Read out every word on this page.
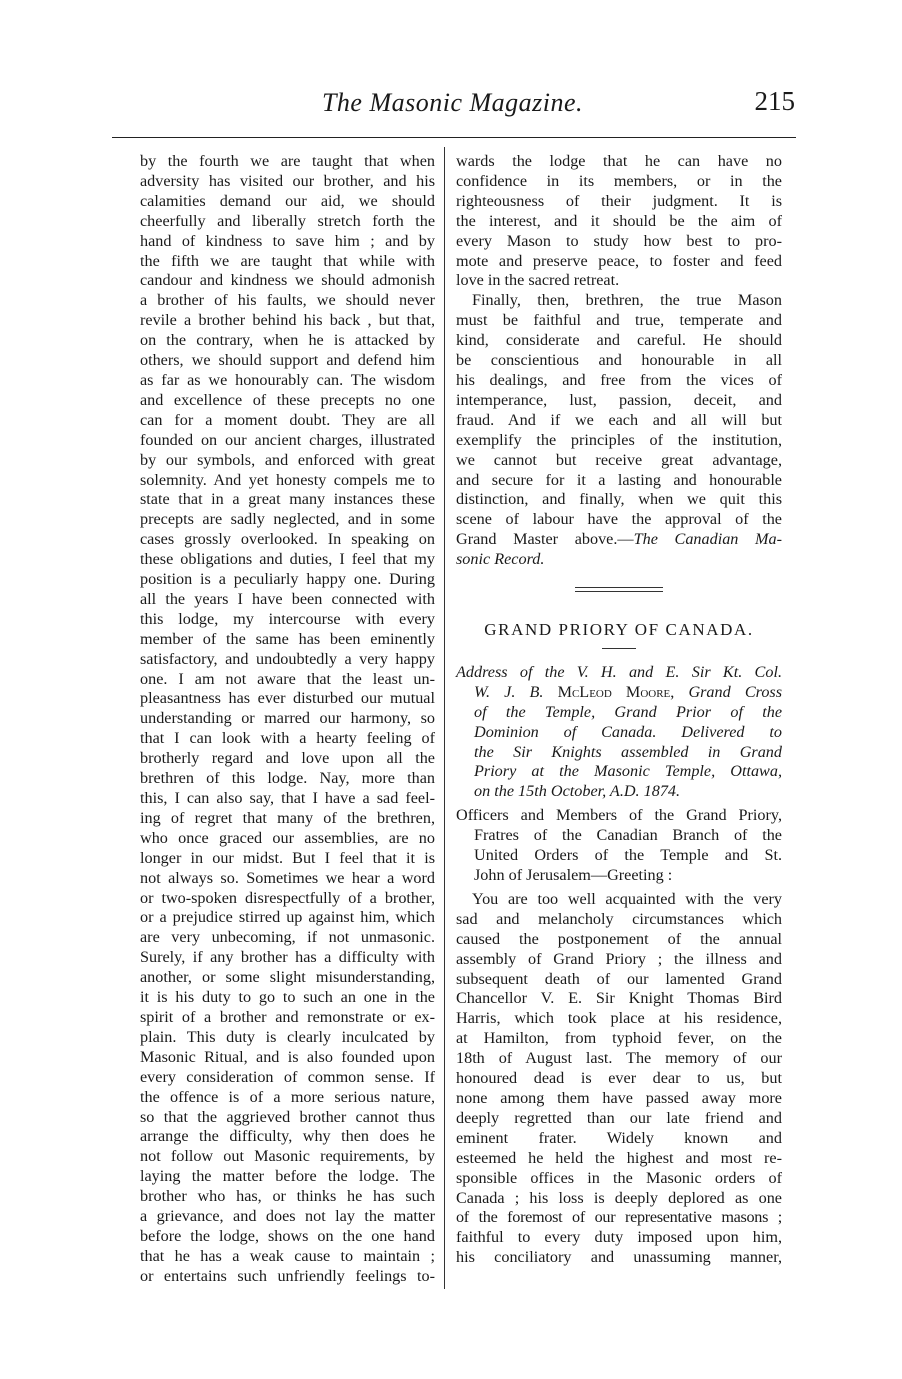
The Masonic Magazine.	215
by the fourth we are taught that when
adversity has visited our brother, and his
calamities demand our aid, we should
cheerfully and liberally stretch forth the
hand of kindness to save him ; and by
the fifth we are taught that while with
candour and kindness we should admonish
a brother of his faults, we should never
revile a brother behind his back , but that,
on the contrary, when he is attacked by
others, we should support and defend him
as far as we honourably can. The wisdom
and excellence of these precepts no one
can for a moment doubt. They are all
founded on our ancient charges, illustrated
by our symbols, and enforced with great
solemnity. And yet honesty compels me to
state that in a great many instances these
precepts are sadly neglected, and in some
cases grossly overlooked. In speaking on
these obligations and duties, I feel that my
position is a peculiarly happy one. During
all the years I have been connected with
this lodge, my intercourse with every
member of the same has been eminently
satisfactory, and undoubtedly a very happy
one. I am not aware that the least un-
pleasantness has ever disturbed our mutual
understanding or marred our harmony, so
that I can look with a hearty feeling of
brotherly regard and love upon all the
brethren of this lodge. Nay, more than
this, I can also say, that I have a sad feel-
ing of regret that many of the brethren,
who once graced our assemblies, are no
longer in our midst. But I feel that it is
not always so. Sometimes we hear a word
or two-spoken disrespectfully of a brother,
or a prejudice stirred up against him, which
are very unbecoming, if not unmasonic.
Surely, if any brother has a difficulty with
another, or some slight misunderstanding,
it is his duty to go to such an one in the
spirit of a brother and remonstrate or ex-
plain. This duty is clearly inculcated by
Masonic Ritual, and is also founded upon
every consideration of common sense. If
the offence is of a more serious nature,
so that the aggrieved brother cannot thus
arrange the difficulty, why then does he
not follow out Masonic requirements, by
laying the matter before the lodge. The
brother who has, or thinks he has such
a grievance, and does not lay the matter
before the lodge, shows on the one hand
that he has a weak cause to maintain ;
or entertains such unfriendly feelings to-
wards the lodge that he can have no
confidence in its members, or in the
righteousness of their judgment. It is
the interest, and it should be the aim of
every Mason to study how best to pro-
mote and preserve peace, to foster and feed
love in the sacred retreat.
Finally, then, brethren, the true Mason
must be faithful and true, temperate and
kind, considerate and careful. He should
be conscientious and honourable in all
his dealings, and free from the vices of
intemperance, lust, passion, deceit, and
fraud. And if we each and all will but
exemplify the principles of the institution,
we cannot but receive great advantage,
and secure for it a lasting and honourable
distinction, and finally, when we quit this
scene of labour have the approval of the
Grand Master above.—The Canadian Ma-
sonic Record.
GRAND PRIORY OF CANADA.
Address of the V. H. and E. Sir Kt. Col.
W. J. B. McLeod Moore, Grand Cross
of the Temple, Grand Prior of the
Dominion of Canada. Delivered to
the Sir Knights assembled in Grand
Priory at the Masonic Temple, Ottawa,
on the 15th October, A.D. 1874.
Officers and Members of the Grand Priory,
Fratres of the Canadian Branch of the
United Orders of the Temple and St.
John of Jerusalem—Greeting :
You are too well acquainted with the very
sad and melancholy circumstances which
caused the postponement of the annual
assembly of Grand Priory ; the illness and
subsequent death of our lamented Grand
Chancellor V. E. Sir Knight Thomas Bird
Harris, which took place at his residence,
at Hamilton, from typhoid fever, on the
18th of August last. The memory of our
honoured dead is ever dear to us, but
none among them have passed away more
deeply regretted than our late friend and
eminent frater. Widely known and
esteemed he held the highest and most re-
sponsible offices in the Masonic orders of
Canada ; his loss is deeply deplored as one
of the foremost of our representative masons ;
faithful to every duty imposed upon him,
his conciliatory and unassuming manner,
